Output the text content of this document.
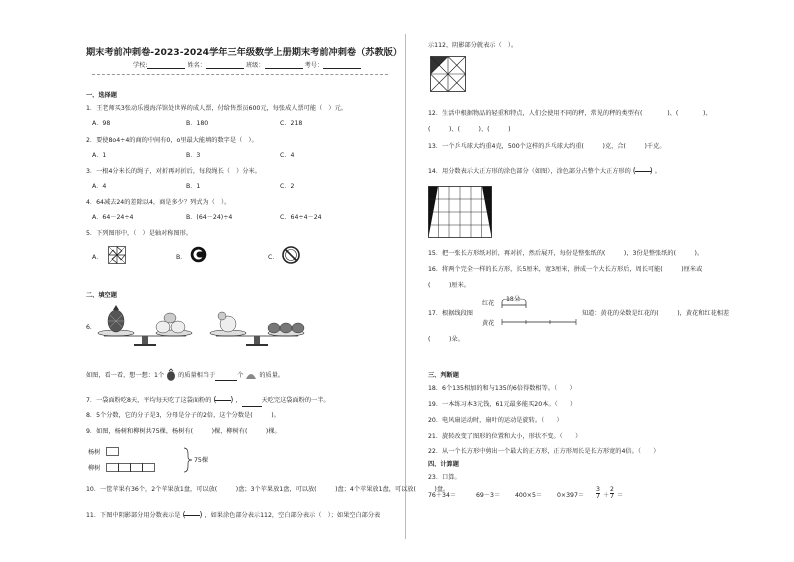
期末考前冲刺卷-2023-2024学年三年级数学上册期末考前冲刺卷（苏教版）
学校:	姓名：	班级：	考号：
一、选择题
1．王老师买3张动乐漫海洋馆处世界的成人票，付给售票员600元，每张成人票可能（　）元。
A．98	B．180	C．218
2．要使8o4÷4的商的中间有0，o里最大能填的数字是（　）。
A．1	B．3	C．4
3．一根4分米长的绳子，对折再对折后，每段绳长（　）分米。
A．4	B．1	C．2
4．64减去24的差除以4，商是多少？列式为（　）。
A．64－24÷4	B．(64－24)÷4	C．64÷4－24
5．下列图形中，（　）是轴对称图形。
A．	B．	C．
二、填空题
6．
如图，看一看，想一想：1个 的质量相当于	个	的质量。
7．一袋面粉吃8天，平均每天吃了这袋面粉的 ( ) ，	天吃完这袋面粉的一半。
8．5个分数，它的分子是3，分母是分子的2倍，这个分数是(　　　)。
9．如图，杨树和柳树共75棵，杨树有(　　　)棵，柳树有(　　　)棵。
杨树
柳树
75棵
10．一筐苹果有36个，2个苹果放1盘，可以放(　　　)盘；3个苹果放1盘，可以放(　　　)盘；4个苹果放1盘，可以放(　　　)盘。
11．下图中阴影部分用分数表示是 ( ) ，如果涂色部分表示112，空白部分表示（　）；如果空白部分表
示112，阴影部分就表示（　）。
12．生活中根据物品的轻重和特点，人们会使用不同的秤，常见的秤的类型有(　　　　)、(　　　　)、
(　　　)、(　　　)、(　　　)
13．一个乒乓球大约重4克，500个这样的乒乓球大约重(　　　)克，合(　　　)千克。
14．用分数表示大正方形的涂色部分（如图），涂色部分占整个大正方形的 ( ) 。
15．把一张长方形纸对折，再对折，然后展开，每份是整张纸的(　　　)，3份是整张纸的(　　　)。
16．将两个完全一样的长方形，长5厘米，宽3厘米，拼成一个大长方形后，周长可能(　　　)厘米或
(　　　)厘米。
17．根据线段图
红花
18朵
黄花
知道：黄花的朵数是红花的(　　　)，黄花和红花相差
(　　　)朵。
三、判断题
18．6个135相加的和与135的6倍得数相等。（　　）
19．一本练习本3元钱，61元最多能买20本。（　　）
20．电风扇运动时，扇叶的运动是旋转。（　　）
21．旋转改变了图形的位置和大小，形状不变。（　　）
22．从一个长方形中剪出一个最大的正方形，正方形周长是长方形宽的4倍。（　　）
四、计算题
23．口算。
76＋34＝	69－3＝ 400×5＝ 0×397＝
3
7 ＋
2
7 ＝
